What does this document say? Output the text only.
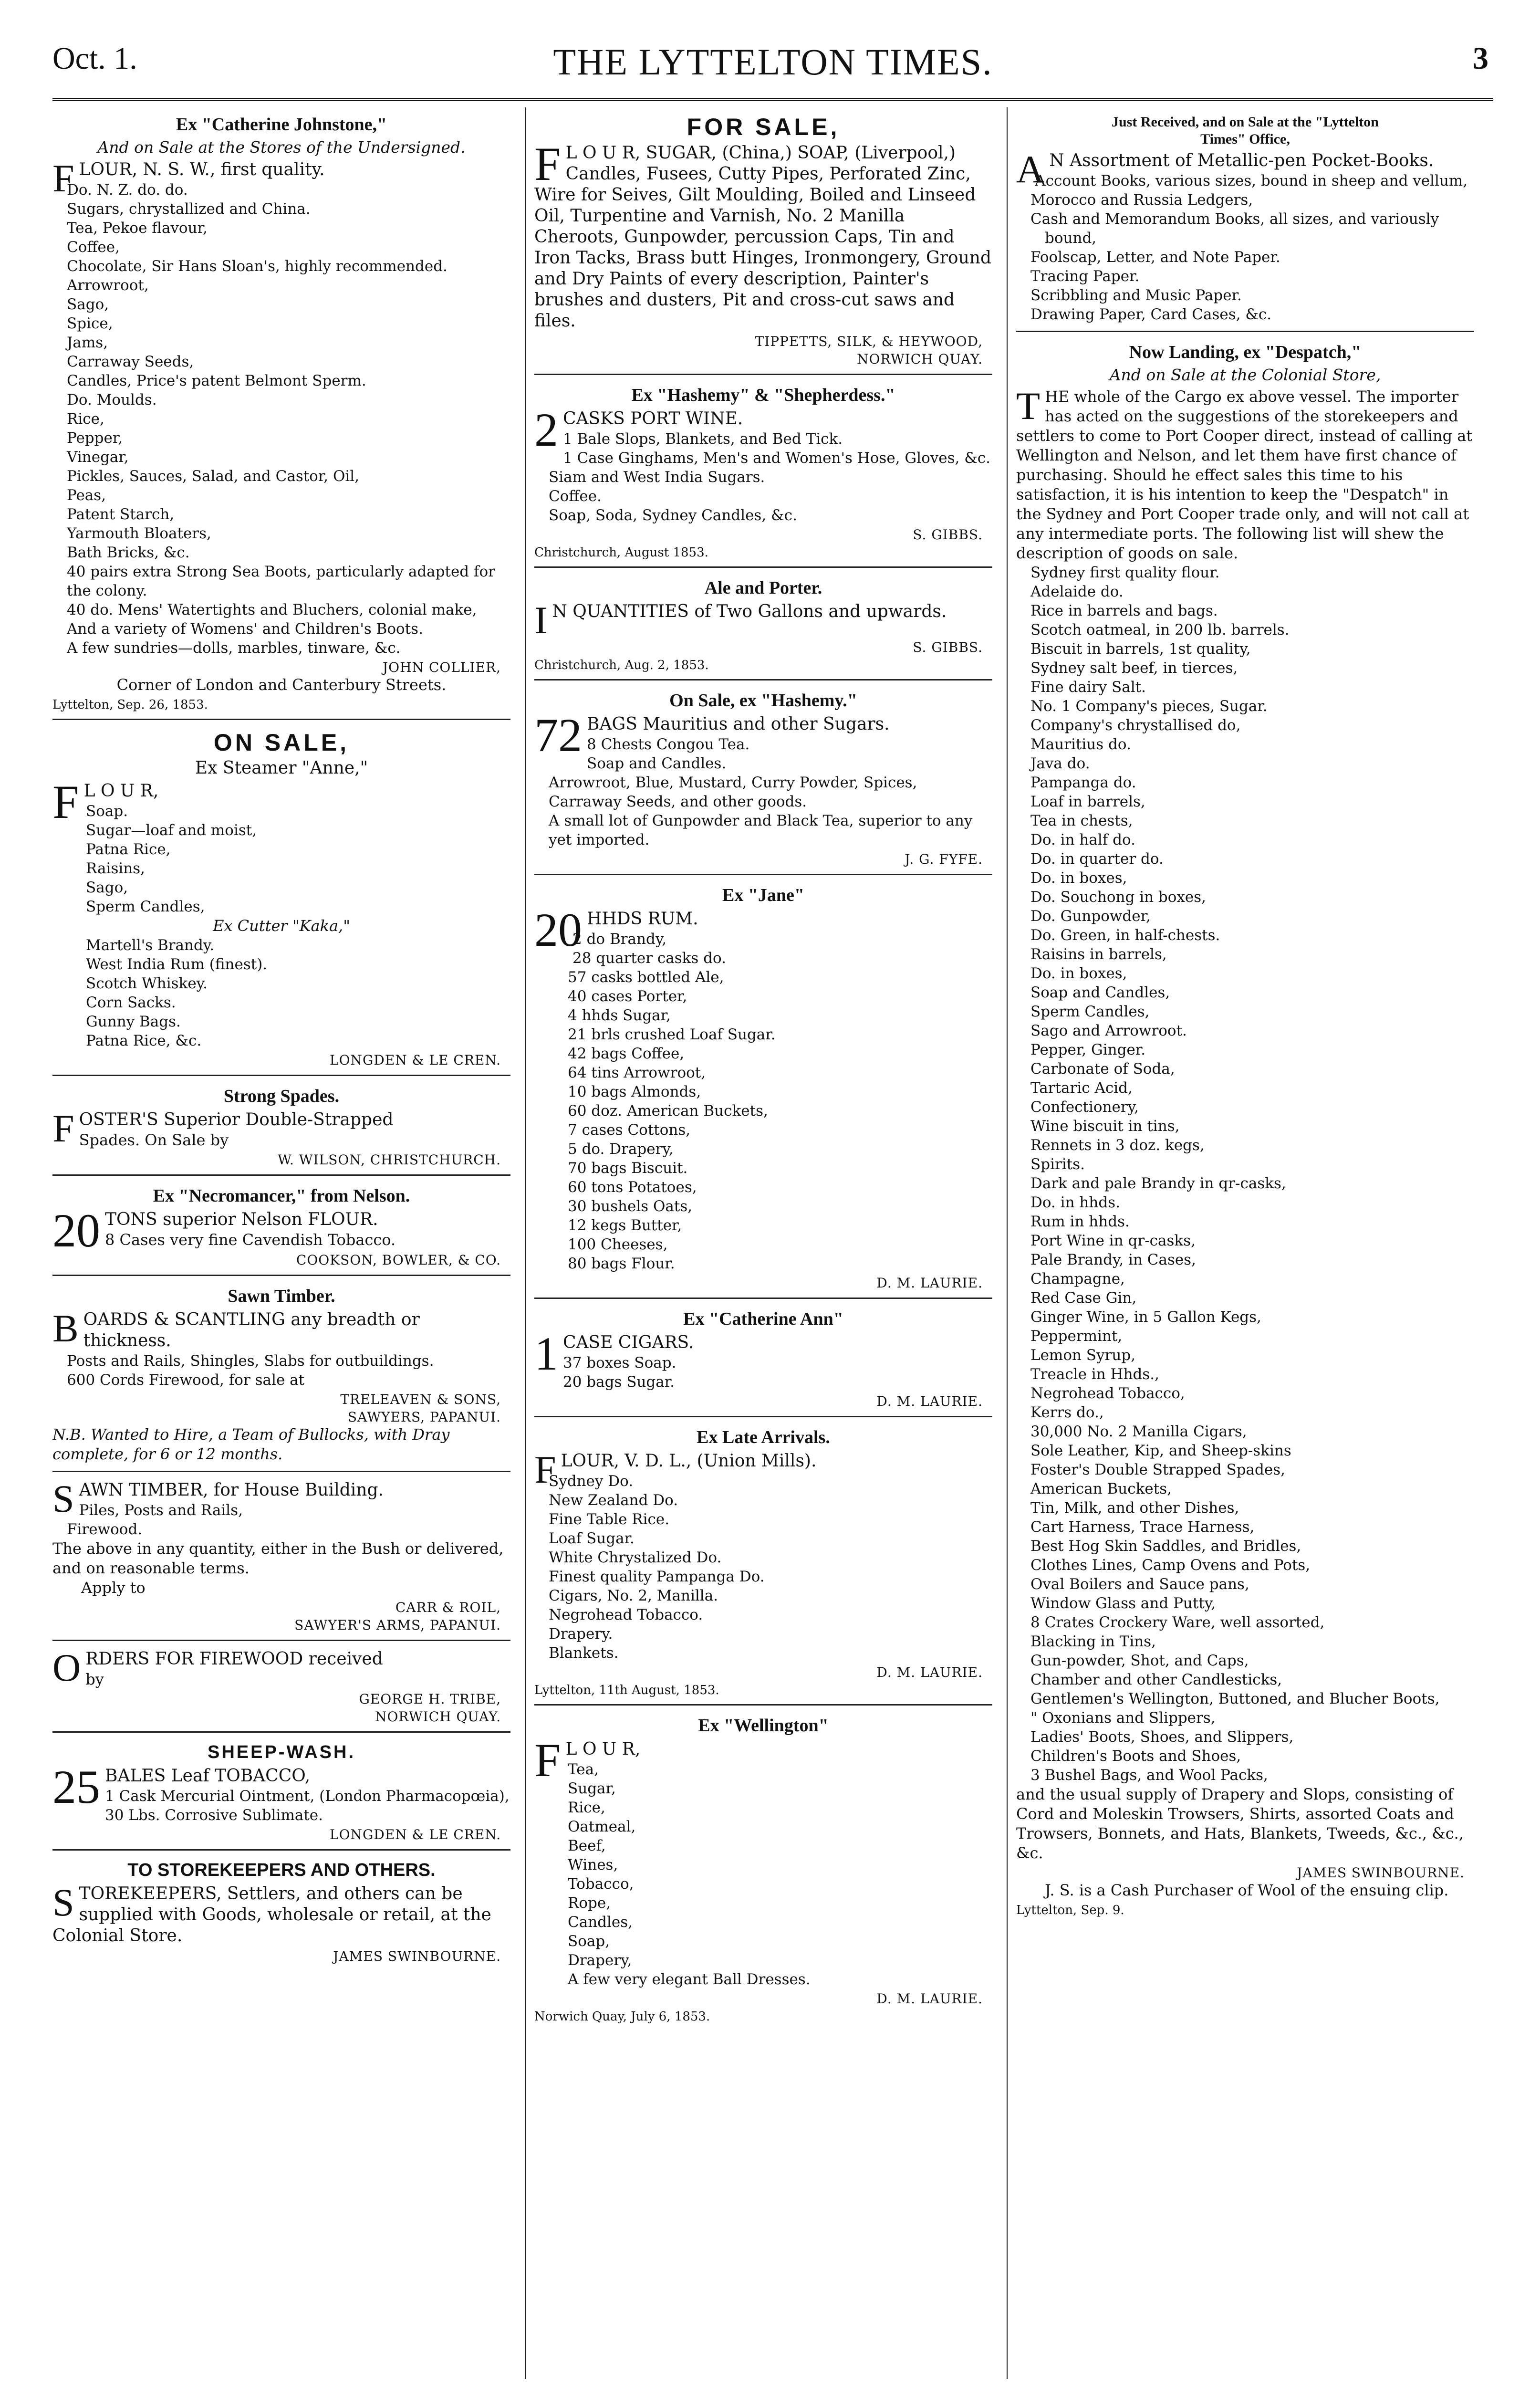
Oct. 1.	THE LYTTELTON TIMES.	3
Ex "Catherine Johnstone,"
And on Sale at the Stores of the Undersigned.

FLOUR, N. S. W., first quality.

Do. N. Z. do. do.
Sugars, chrystallized and China.
Tea, Pekoe flavour,
Coffee,
Chocolate, Sir Hans Sloan's, highly recommended.
Arrowroot,
Sago,
Spice,
Jams,
Carraway Seeds,
Candles, Price's patent Belmont Sperm.
Do. Moulds.
Rice,
Pepper,
Vinegar,
Pickles, Sauces, Salad, and Castor, Oil,
Peas,
Patent Starch,
Yarmouth Bloaters,
Bath Bricks, &c.
40 pairs extra Strong Sea Boots, particularly adapted for the colony.
40 do. Mens' Watertights and Bluchers, colonial make,
And a variety of Womens' and Children's Boots.
A few sundries—dolls, marbles, tinware, &c.
JOHN COLLIER,

Corner of London and Canterbury Streets.

Lyttelton, Sep. 26, 1853.
ON SALE,
Ex Steamer "Anne,"

F L O U R,

Soap.
Sugar—loaf and moist,
Patna Rice,
Raisins,
Sago,
Sperm Candles,

Ex Cutter "Kaka,"

Martell's Brandy.
West India Rum (finest).
Scotch Whiskey.
Corn Sacks.
Gunny Bags.
Patna Rice, &c.
LONGDEN & LE CREN.
Strong Spades.

FOSTER'S Superior Double-Strapped

Spades. On Sale by

W. WILSON, CHRISTCHURCH.
Ex "Necromancer," from Nelson.

20 TONS superior Nelson FLOUR.

8 Cases very fine Cavendish Tobacco.

COOKSON, BOWLER, & CO.
Sawn Timber.

BOARDS & SCANTLING any breadth or thickness.

Posts and Rails, Shingles, Slabs for outbuildings.
600 Cords Firewood, for sale at
TRELEAVEN & SONS,
SAWYERS, PAPANUI.

N.B. Wanted to Hire, a Team of Bullocks, with Dray complete, for 6 or 12 months.

SAWN TIMBER, for House Building.

Piles, Posts and Rails,
Firewood.

The above in any quantity, either in the Bush or delivered, and on reasonable terms.

Apply to

CARR & ROIL,
SAWYER'S ARMS, PAPANUI.

ORDERS FOR FIREWOOD received

by

GEORGE H. TRIBE,
NORWICH QUAY.
SHEEP-WASH.

25 BALES Leaf TOBACCO,

1 Cask Mercurial Ointment, (London Pharmacopœia),
30 Lbs. Corrosive Sublimate.
LONGDEN & LE CREN.
TO STOREKEEPERS AND OTHERS.

STOREKEEPERS, Settlers, and others can be supplied with Goods, wholesale or retail, at the Colonial Store.

JAMES SWINBOURNE.
FOR SALE,

F L O U R, SUGAR, (China,) SOAP, (Liverpool,) Candles, Fusees, Cutty Pipes, Perforated Zinc, Wire for Seives, Gilt Moulding, Boiled and Linseed Oil, Turpentine and Varnish, No. 2 Manilla Cheroots, Gunpowder, percussion Caps, Tin and Iron Tacks, Brass butt Hinges, Ironmongery, Ground and Dry Paints of every description, Painter's brushes and dusters, Pit and cross-cut saws and files.

TIPPETTS, SILK, & HEYWOOD,
NORWICH QUAY.
Ex "Hashemy" & "Shepherdess."

2 CASKS PORT WINE.

1 Bale Slops, Blankets, and Bed Tick.
1 Case Ginghams, Men's and Women's Hose, Gloves, &c.
Siam and West India Sugars.
Coffee.
Soap, Soda, Sydney Candles, &c.
S. GIBBS.
Christchurch, August 1853.
Ale and Porter.

I N QUANTITIES of Two Gallons and upwards.

S. GIBBS.
Christchurch, Aug. 2, 1853.
On Sale, ex "Hashemy."

72 BAGS Mauritius and other Sugars.

8 Chests Congou Tea.
Soap and Candles.
Arrowroot, Blue, Mustard, Curry Powder, Spices, Carraway Seeds, and other goods.
A small lot of Gunpowder and Black Tea, superior to any yet imported.
J. G. FYFE.
Ex "Jane"

20 HHDS RUM.

2 do Brandy,
28 quarter casks do.
57 casks bottled Ale,
40 cases Porter,
4 hhds Sugar,
21 brls crushed Loaf Sugar.
42 bags Coffee,
64 tins Arrowroot,
10 bags Almonds,
60 doz. American Buckets,
7 cases Cottons,
5 do. Drapery,
70 bags Biscuit.
60 tons Potatoes,
30 bushels Oats,
12 kegs Butter,
100 Cheeses,
80 bags Flour.
D. M. LAURIE.
Ex "Catherine Ann"

1 CASE CIGARS.

37 boxes Soap.
20 bags Sugar.
D. M. LAURIE.
Ex Late Arrivals.

FLOUR, V. D. L., (Union Mills).

Sydney Do.
New Zealand Do.
Fine Table Rice.
Loaf Sugar.
White Chrystalized Do.
Finest quality Pampanga Do.
Cigars, No. 2, Manilla.
Negrohead Tobacco.
Drapery.
Blankets.
D. M. LAURIE.
Lyttelton, 11th August, 1853.
Ex "Wellington"

F L O U R,

Tea,
Sugar,
Rice,
Oatmeal,
Beef,
Wines,
Tobacco,
Rope,
Candles,
Soap,
Drapery,
A few very elegant Ball Dresses.
D. M. LAURIE.
Norwich Quay, July 6, 1853.
Just Received, and on Sale at the "Lyttelton
Times" Office,

A N Assortment of Metallic-pen Pocket-Books.

Account Books, various sizes, bound in sheep and vellum,
Morocco and Russia Ledgers,
Cash and Memorandum Books, all sizes, and variously bound,
Foolscap, Letter, and Note Paper.
Tracing Paper.
Scribbling and Music Paper.
Drawing Paper, Card Cases, &c.
Now Landing, ex "Despatch,"
And on Sale at the Colonial Store,

THE whole of the Cargo ex above vessel. The importer has acted on the suggestions of the storekeepers and settlers to come to Port Cooper direct, instead of calling at Wellington and Nelson, and let them have first chance of purchasing. Should he effect sales this time to his satisfaction, it is his intention to keep the "Despatch" in the Sydney and Port Cooper trade only, and will not call at any intermediate ports. The following list will shew the description of goods on sale.

Sydney first quality flour.
Adelaide do.
Rice in barrels and bags.
Scotch oatmeal, in 200 lb. barrels.
Biscuit in barrels, 1st quality,
Sydney salt beef, in tierces,
Fine dairy Salt.
No. 1 Company's pieces, Sugar.
Company's chrystallised do,
Mauritius do.
Java do.
Pampanga do.
Loaf in barrels,
Tea in chests,
Do. in half do.
Do. in quarter do.
Do. in boxes,
Do. Souchong in boxes,
Do. Gunpowder,
Do. Green, in half-chests.
Raisins in barrels,
Do. in boxes,
Soap and Candles,
Sperm Candles,
Sago and Arrowroot.
Pepper, Ginger.
Carbonate of Soda,
Tartaric Acid,
Confectionery,
Wine biscuit in tins,
Rennets in 3 doz. kegs,
Spirits.
Dark and pale Brandy in qr-casks,
Do. in hhds.
Rum in hhds.
Port Wine in qr-casks,
Pale Brandy, in Cases,
Champagne,
Red Case Gin,
Ginger Wine, in 5 Gallon Kegs,
Peppermint,
Lemon Syrup,
Treacle in Hhds.,
Negrohead Tobacco,
Kerrs do.,
30,000 No. 2 Manilla Cigars,
Sole Leather, Kip, and Sheep-skins
Foster's Double Strapped Spades,
American Buckets,
Tin, Milk, and other Dishes,
Cart Harness, Trace Harness,
Best Hog Skin Saddles, and Bridles,
Clothes Lines, Camp Ovens and Pots,
Oval Boilers and Sauce pans,
Window Glass and Putty,
8 Crates Crockery Ware, well assorted,
Blacking in Tins,
Gun-powder, Shot, and Caps,
Chamber and other Candlesticks,
Gentlemen's Wellington, Buttoned, and Blucher Boots,
" Oxonians and Slippers,
Ladies' Boots, Shoes, and Slippers,
Children's Boots and Shoes,
3 Bushel Bags, and Wool Packs,

and the usual supply of Drapery and Slops, consisting of Cord and Moleskin Trowsers, Shirts, assorted Coats and Trowsers, Bonnets, and Hats, Blankets, Tweeds, &c., &c., &c.

JAMES SWINBOURNE.

J. S. is a Cash Purchaser of Wool of the ensuing clip.

Lyttelton, Sep. 9.
